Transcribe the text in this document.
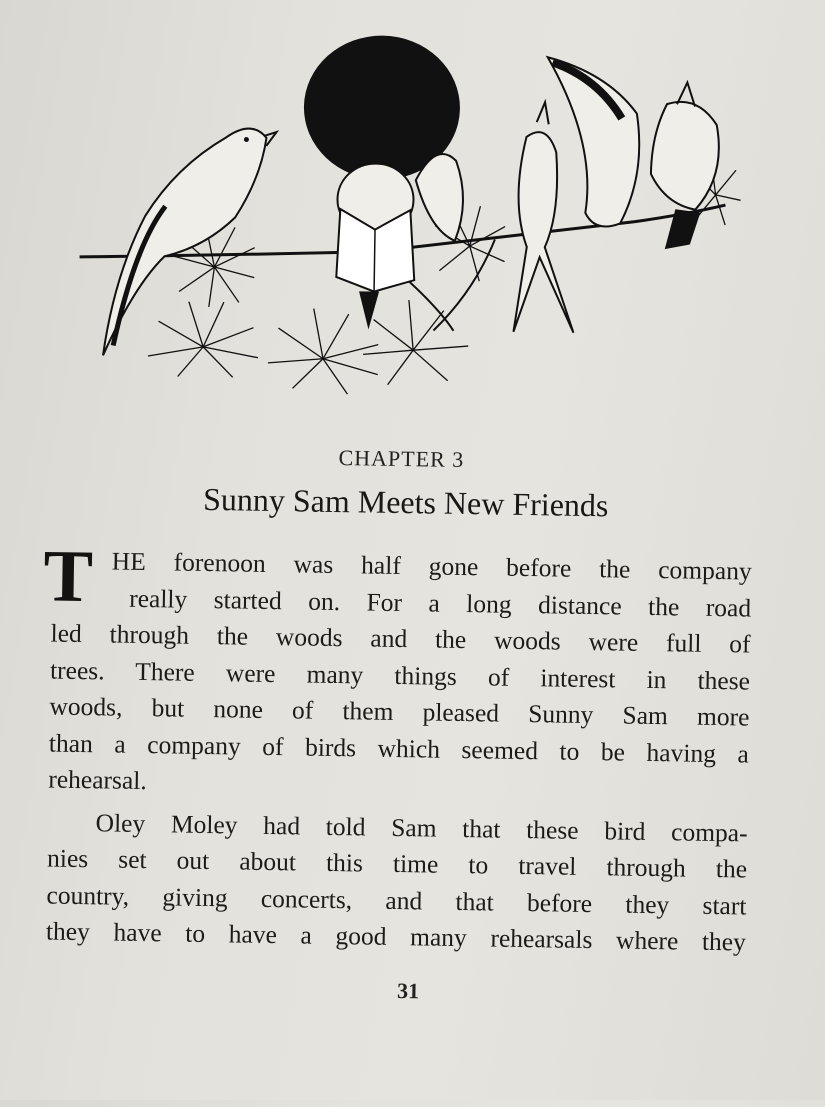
CHAPTER 3
Sunny Sam Meets New Friends
T HE forenoon was half gone before the company
really started on. For a long distance the road
led through the woods and the woods were full of
trees. There were many things of interest in these
woods, but none of them pleased Sunny Sam more
than a company of birds which seemed to be having a
rehearsal.
Oley Moley had told Sam that these bird compa-
nies set out about this time to travel through the
country, giving concerts, and that before they start
they have to have a good many rehearsals where they
31
